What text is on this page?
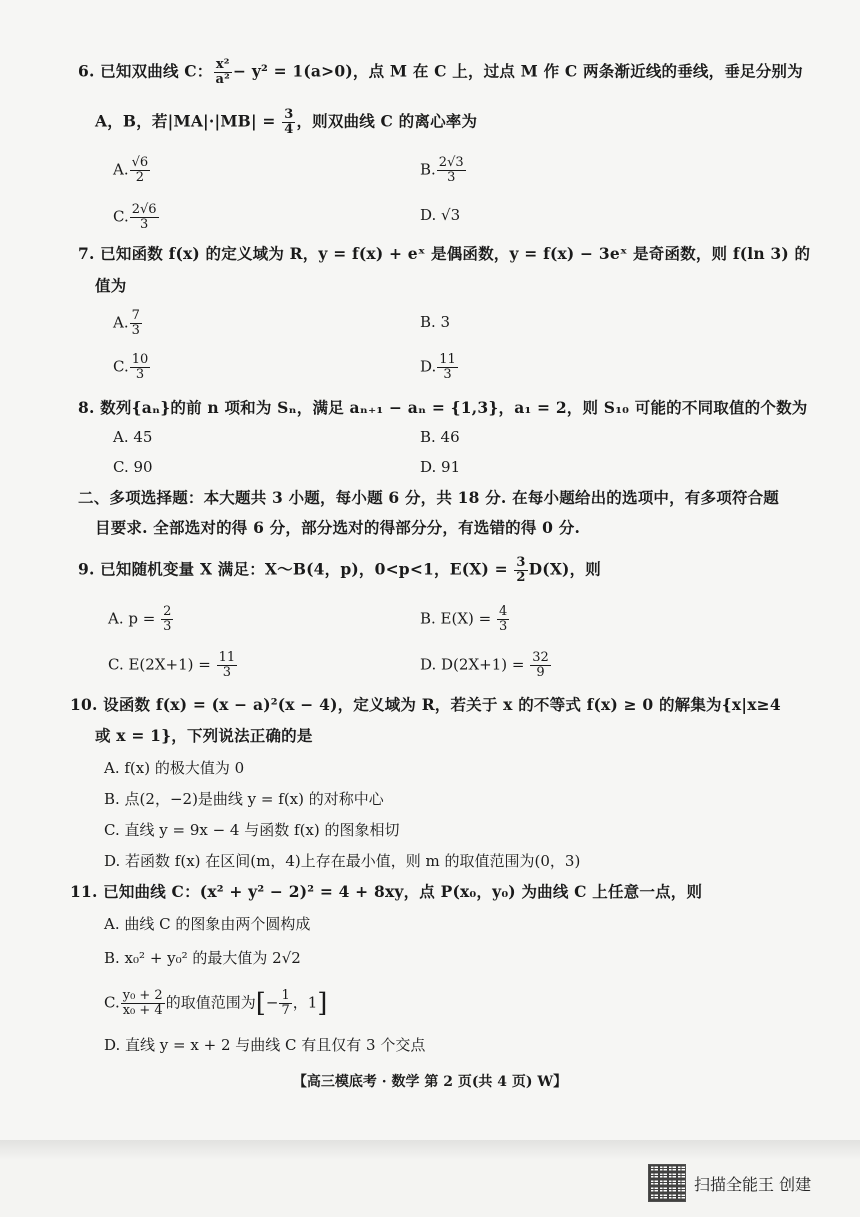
6. 已知双曲线 C： $\frac{\text{x²}}{\text{a²}} - y^2 = 1(a>0)$，点 M 在 C 上，过点 M 作 C 两条渐近线的垂线，垂足分别为
A，B，若$|MA|\cdot|MB| = \frac{3}{4}$ ，则双曲线 C 的离心率为
A. $\frac{√6}{2}$	B. $\frac{2√3}{3}$
C. $\frac{2√6}{3}$	D. √3
7. 已知函数 f(x) 的定义域为 R，y = f(x) + eˣ 是偶函数，y = f(x) − 3eˣ 是奇函数，则 f(ln 3) 的
值为
A. $\frac{7}{3}$	B. 3
C. $\frac{10}{3}$	D. $\frac{11}{3}$
8. 数列{aₙ}的前 n 项和为 Sₙ，满足 aₙ₊₁ − aₙ = {1,3}，a₁ = 2，则 S₁₀ 可能的不同取值的个数为
A. 45	B. 46
C. 90	D. 91
二、多项选择题：本大题共 3 小题，每小题 6 分，共 18 分. 在每小题给出的选项中，有多项符合题
目要求. 全部选对的得 6 分，部分选对的得部分分，有选错的得 0 分.
9. 已知随机变量 X 满足：X～B(4，p)，0<p<1，$E(X) = \frac{3}{2} D(X)$，则
A. $p = \frac{2}{3}$	B. $E(X) = \frac{4}{3}$
C. $E(2X+1) = \frac{11}{3}$	D. $D(2X+1) = \frac{32}{9}$
10. 设函数 f(x) = (x − a)²(x − 4)，定义域为 R，若关于 x 的不等式 f(x) ≥ 0 的解集为{x|x≥4
或 x = 1}，下列说法正确的是
A. f(x) 的极大值为 0
B. 点(2，−2)是曲线 y = f(x) 的对称中心
C. 直线 y = 9x − 4 与函数 f(x) 的图象相切
D. 若函数 f(x) 在区间(m，4)上存在最小值，则 m 的取值范围为(0，3)
11. 已知曲线 C：(x² + y² − 2)² = 4 + 8xy，点 P(x₀，y₀) 为曲线 C 上任意一点，则
A. 曲线 C 的图象由两个圆构成
B. x₀² + y₀² 的最大值为 2√2
C. $\frac{\text{y₀ + 2}}{\text{x₀ + 4}}$ 的取值范围为[− $\frac{1}{7}$ ，1]
D. 直线 y = x + 2 与曲线 C 有且仅有 3 个交点
【高三模底考 · 数学 第 2 页(共 4 页) W】
扫描全能王 创建
